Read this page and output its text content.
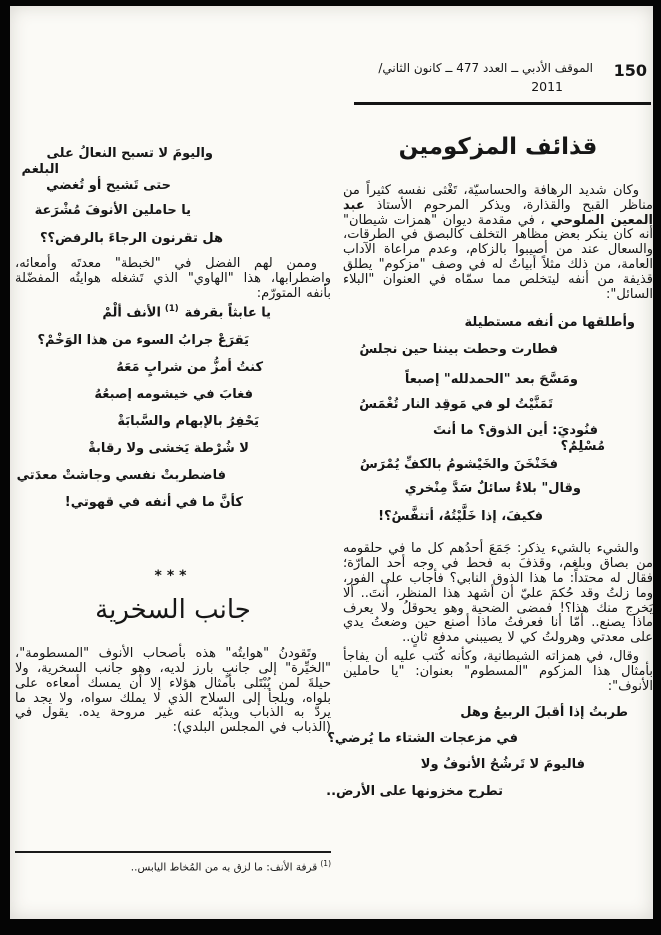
الموقف الأدبي ــ العدد 477 ــ كانون الثاني/
2011
150
قذائف المزكومين

وكان شديد الرهافة والحساسيّة، تَغْثى نفسه كثيراً من مناظر القبح والقذارة، ويذكر المرحوم الأستاذ عبد المعين الملوحي ، في مقدمة ديوان "همزات شيطان" أنه كان ينكر بعض مظاهر التخلف كالبصق في الطرقات، والسعال عند من أصيبوا بالزكام، وعدم مراعاة الآداب العامة، من ذلك مثلاً أبياتٌ له في وصف "مزكوم" يطلق قذيفة من أنفه ليتخلص مما سمّاه في العنوان "البلاء السائل":

وأطلقها من أنفه مستطيلة
فطارت وحطت بيننا حين نجلسُ
ومَسَّحَ بعد "الحمدلله" إصبعاً
تَمَنَّيْتُ لو في مَوقِد النار تُغْمَسُ
فنُوديَ: أين الذوق؟ ما أنتَ
مُسْلِمٌ؟
فخَنْخَنَ والخَيْشومُ بالكفِّ يُمْرَسُ
وقال" بلاءٌ سائلٌ سَدَّ مِنْخري
فكيفَ، إذا خَلَّيْتُهُ، أتنفَّسُ؟!

والشيء بالشيء يذكر: جَمَعَ أحدُهم كل ما في حلقومه من بصاق وبلغم، وقذفَ به فحط في وجه أحد المارّة؛ فقال له محتداً: ما هذا الذوق النابي؟ فأجاب على الفور، وما زلتُ وقد حُكمَ عليّ أن أشهد هذا المنظر، أنتَ.. ألا يَخرج منك هذا؟! فمضى الضحية وهو يحوقلُ ولا يعرف ماذا يصنع.. أمّا أنا فعرفتُ ماذا أصنع حين وضعتُ يدي على معدتي وهرولتُ كي لا يصيبني مدفع ثانٍ..

وقال، في همزاته الشيطانية، وكأنه كُتب عليه أن يفاجأ بأمثال هذا المزكوم "المسطوم" بعنوان: "يا حاملين الأنوف":

طربتُ إذا أقبلَ الربيعُ وهل
في مزعجات الشتاء ما يُرضي؟
فاليومَ لا تَرشُحُ الأنوفُ ولا
تطرح مخزونها على الأرض..
واليومَ لا تسبح النعالُ على
البلغم
حتى تَشيح أو تُغضي
يا حاملين الأنوفَ مُشْرَعة
هل تقرنون الرجاءَ بالرفض؟؟

وممن لهم الفضل في "لخبطة" معدتَه وأمعائه، واضطرابها، هذا "الهاوي" الذي تَشغله هوايتُه المفضّلة بأنفه المتورّم:

يا عابثاً بقرفة$^{(1)}$الأنف ألْمْ
يَقرَعْ جرابُ السوء من هذا الوَخْمْ؟
كنتُ أمزُّ من شرابٍ مَعَهُ
فغابَ في خيشومه إصبعُهُ
يَحْفِرُ بالإبهام والسَّبابَةْ
لا شُرْطة يَخشى ولا رقابةْ
فاضطربتْ نفسي وجاشتْ معدَتي
كأنَّ ما في أنفه في قهوتي!
***
جانب السخرية

وتَقودنُ "هوايتُه" هذه بأصحاب الأنوف "المسطومة"، "الخيِّرة" إلى جانبٍ بارز لديه، وهو جانب السخرية، ولا حيلةَ لمن يُبْتَلى بأمثال هؤلاء إلا أن يمسك أمعاءه على بلواه، ويلجأ إلى السلاح الذي لا يملك سواه، ولا يجد ما يردّ به الذباب ويذبّه عنه غير مروحة يده. يقول في (الذباب في المجلس البلدي):

$^{(1)}$قرفة الأنف: ما لزق به من المُخاط اليابس..
